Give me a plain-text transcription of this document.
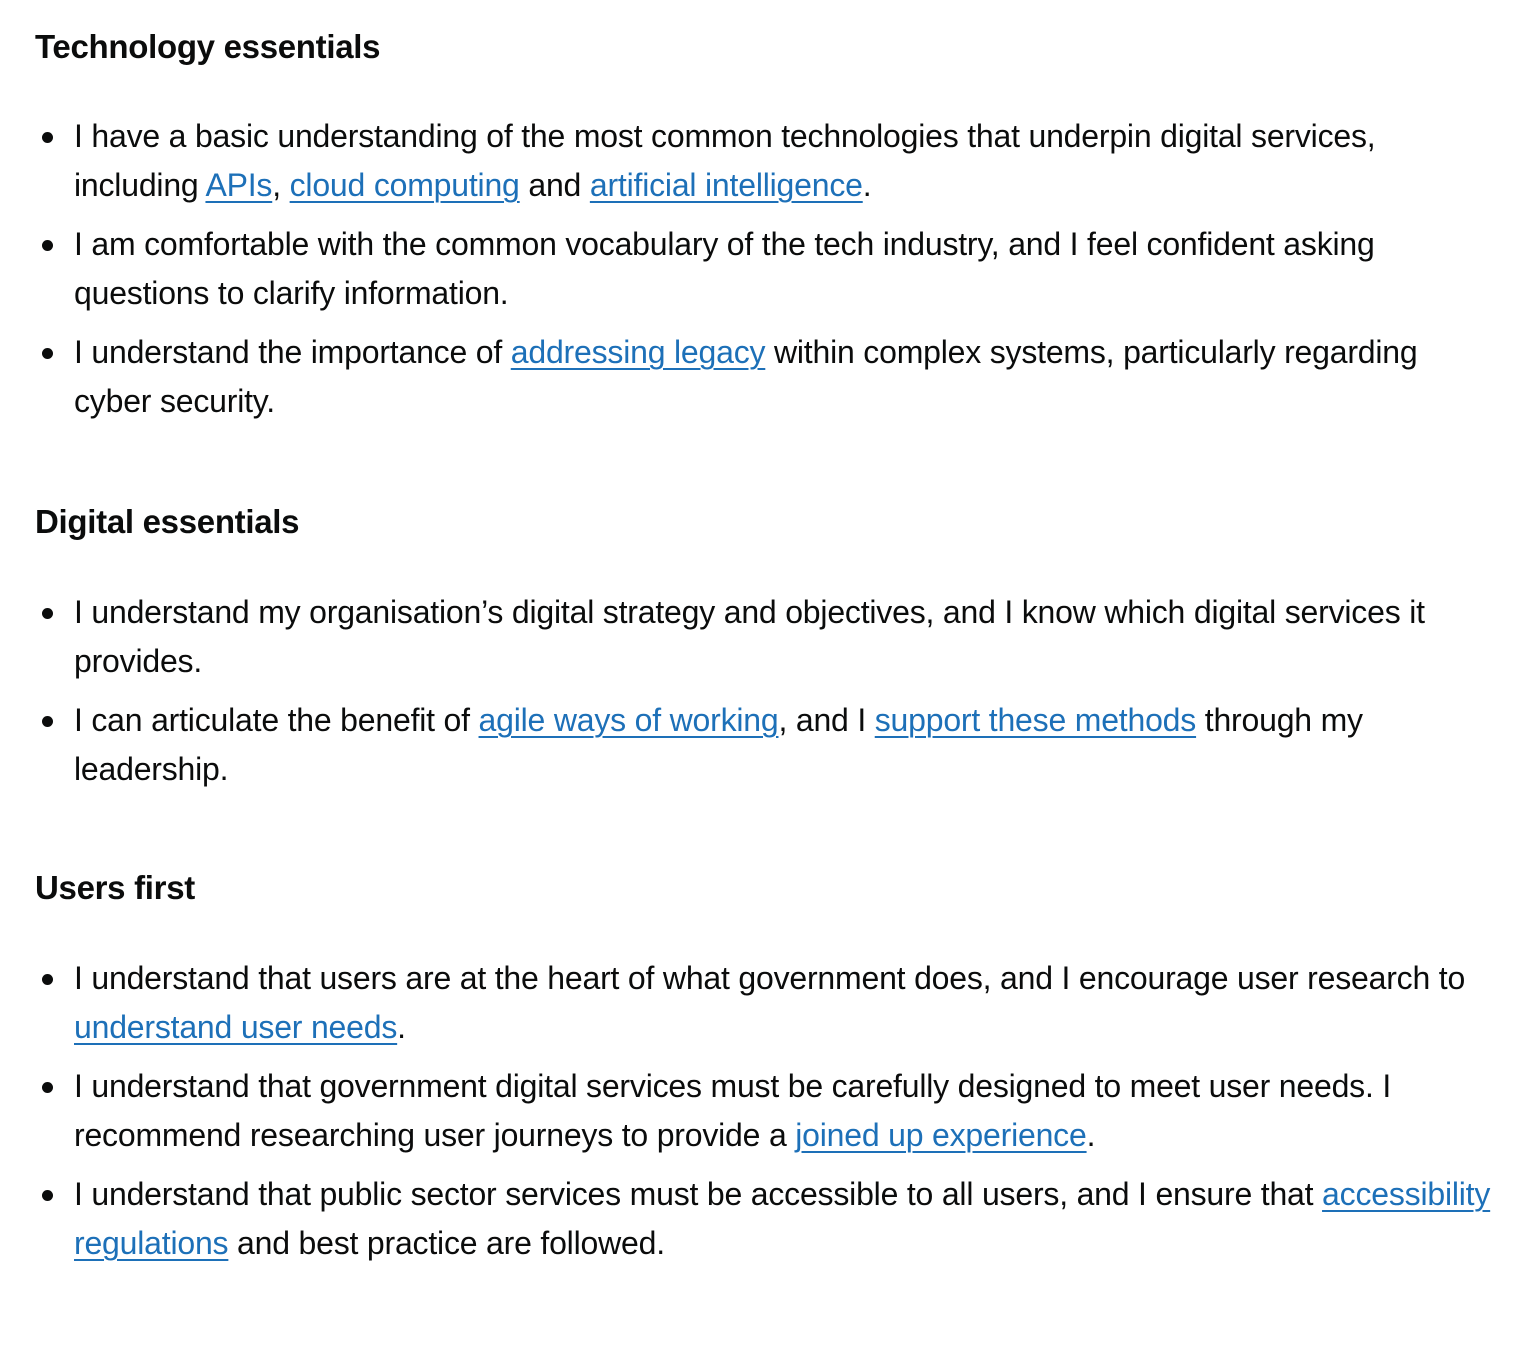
Technology essentials
I have a basic understanding of the most common technologies that underpin digital services, including APIs, cloud computing and artificial intelligence.
I am comfortable with the common vocabulary of the tech industry, and I feel confident asking questions to clarify information.
I understand the importance of addressing legacy within complex systems, particularly regarding cyber security.
Digital essentials
I understand my organisation’s digital strategy and objectives, and I know which digital services it provides.
I can articulate the benefit of agile ways of working, and I support these methods through my leadership.
Users first
I understand that users are at the heart of what government does, and I encourage user research to understand user needs.
I understand that government digital services must be carefully designed to meet user needs. I recommend researching user journeys to provide a joined up experience.
I understand that public sector services must be accessible to all users, and I ensure that accessibility regulations and best practice are followed.
